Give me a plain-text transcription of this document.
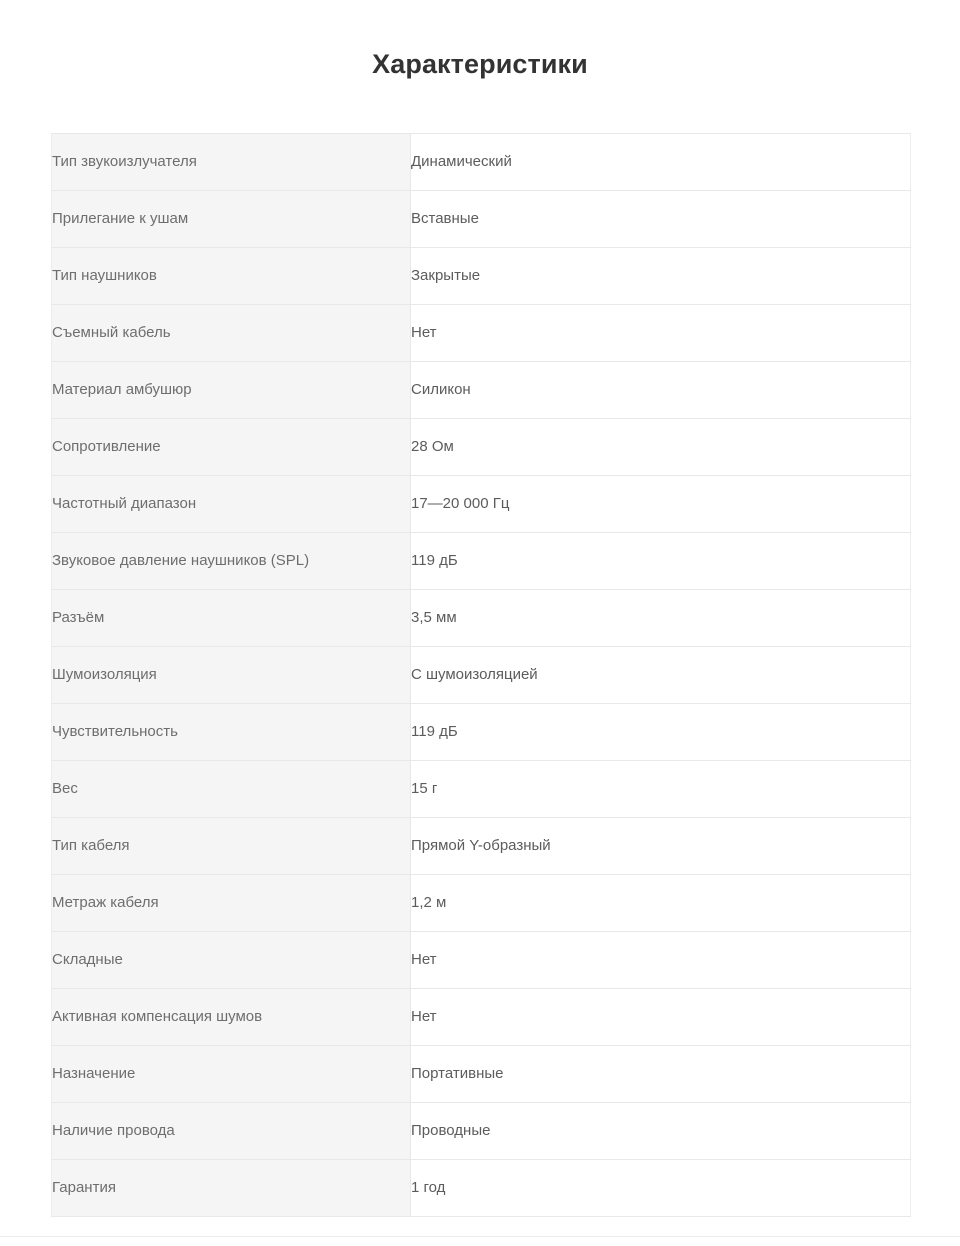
Характеристики
Тип звукоизлучателя	Динамический
Прилегание к ушам	Вставные
Тип наушников	Закрытые
Съемный кабель	Нет
Материал амбушюр	Силикон
Сопротивление	28 Ом
Частотный диапазон	17—20 000 Гц
Звуковое давление наушников (SPL)	119 дБ
Разъём	3,5 мм
Шумоизоляция	С шумоизоляцией
Чувствительность	119 дБ
Вес	15 г
Тип кабеля	Прямой Y-образный
Метраж кабеля	1,2 м
Складные	Нет
Активная компенсация шумов	Нет
Назначение	Портативные
Наличие провода	Проводные
Гарантия	1 год
